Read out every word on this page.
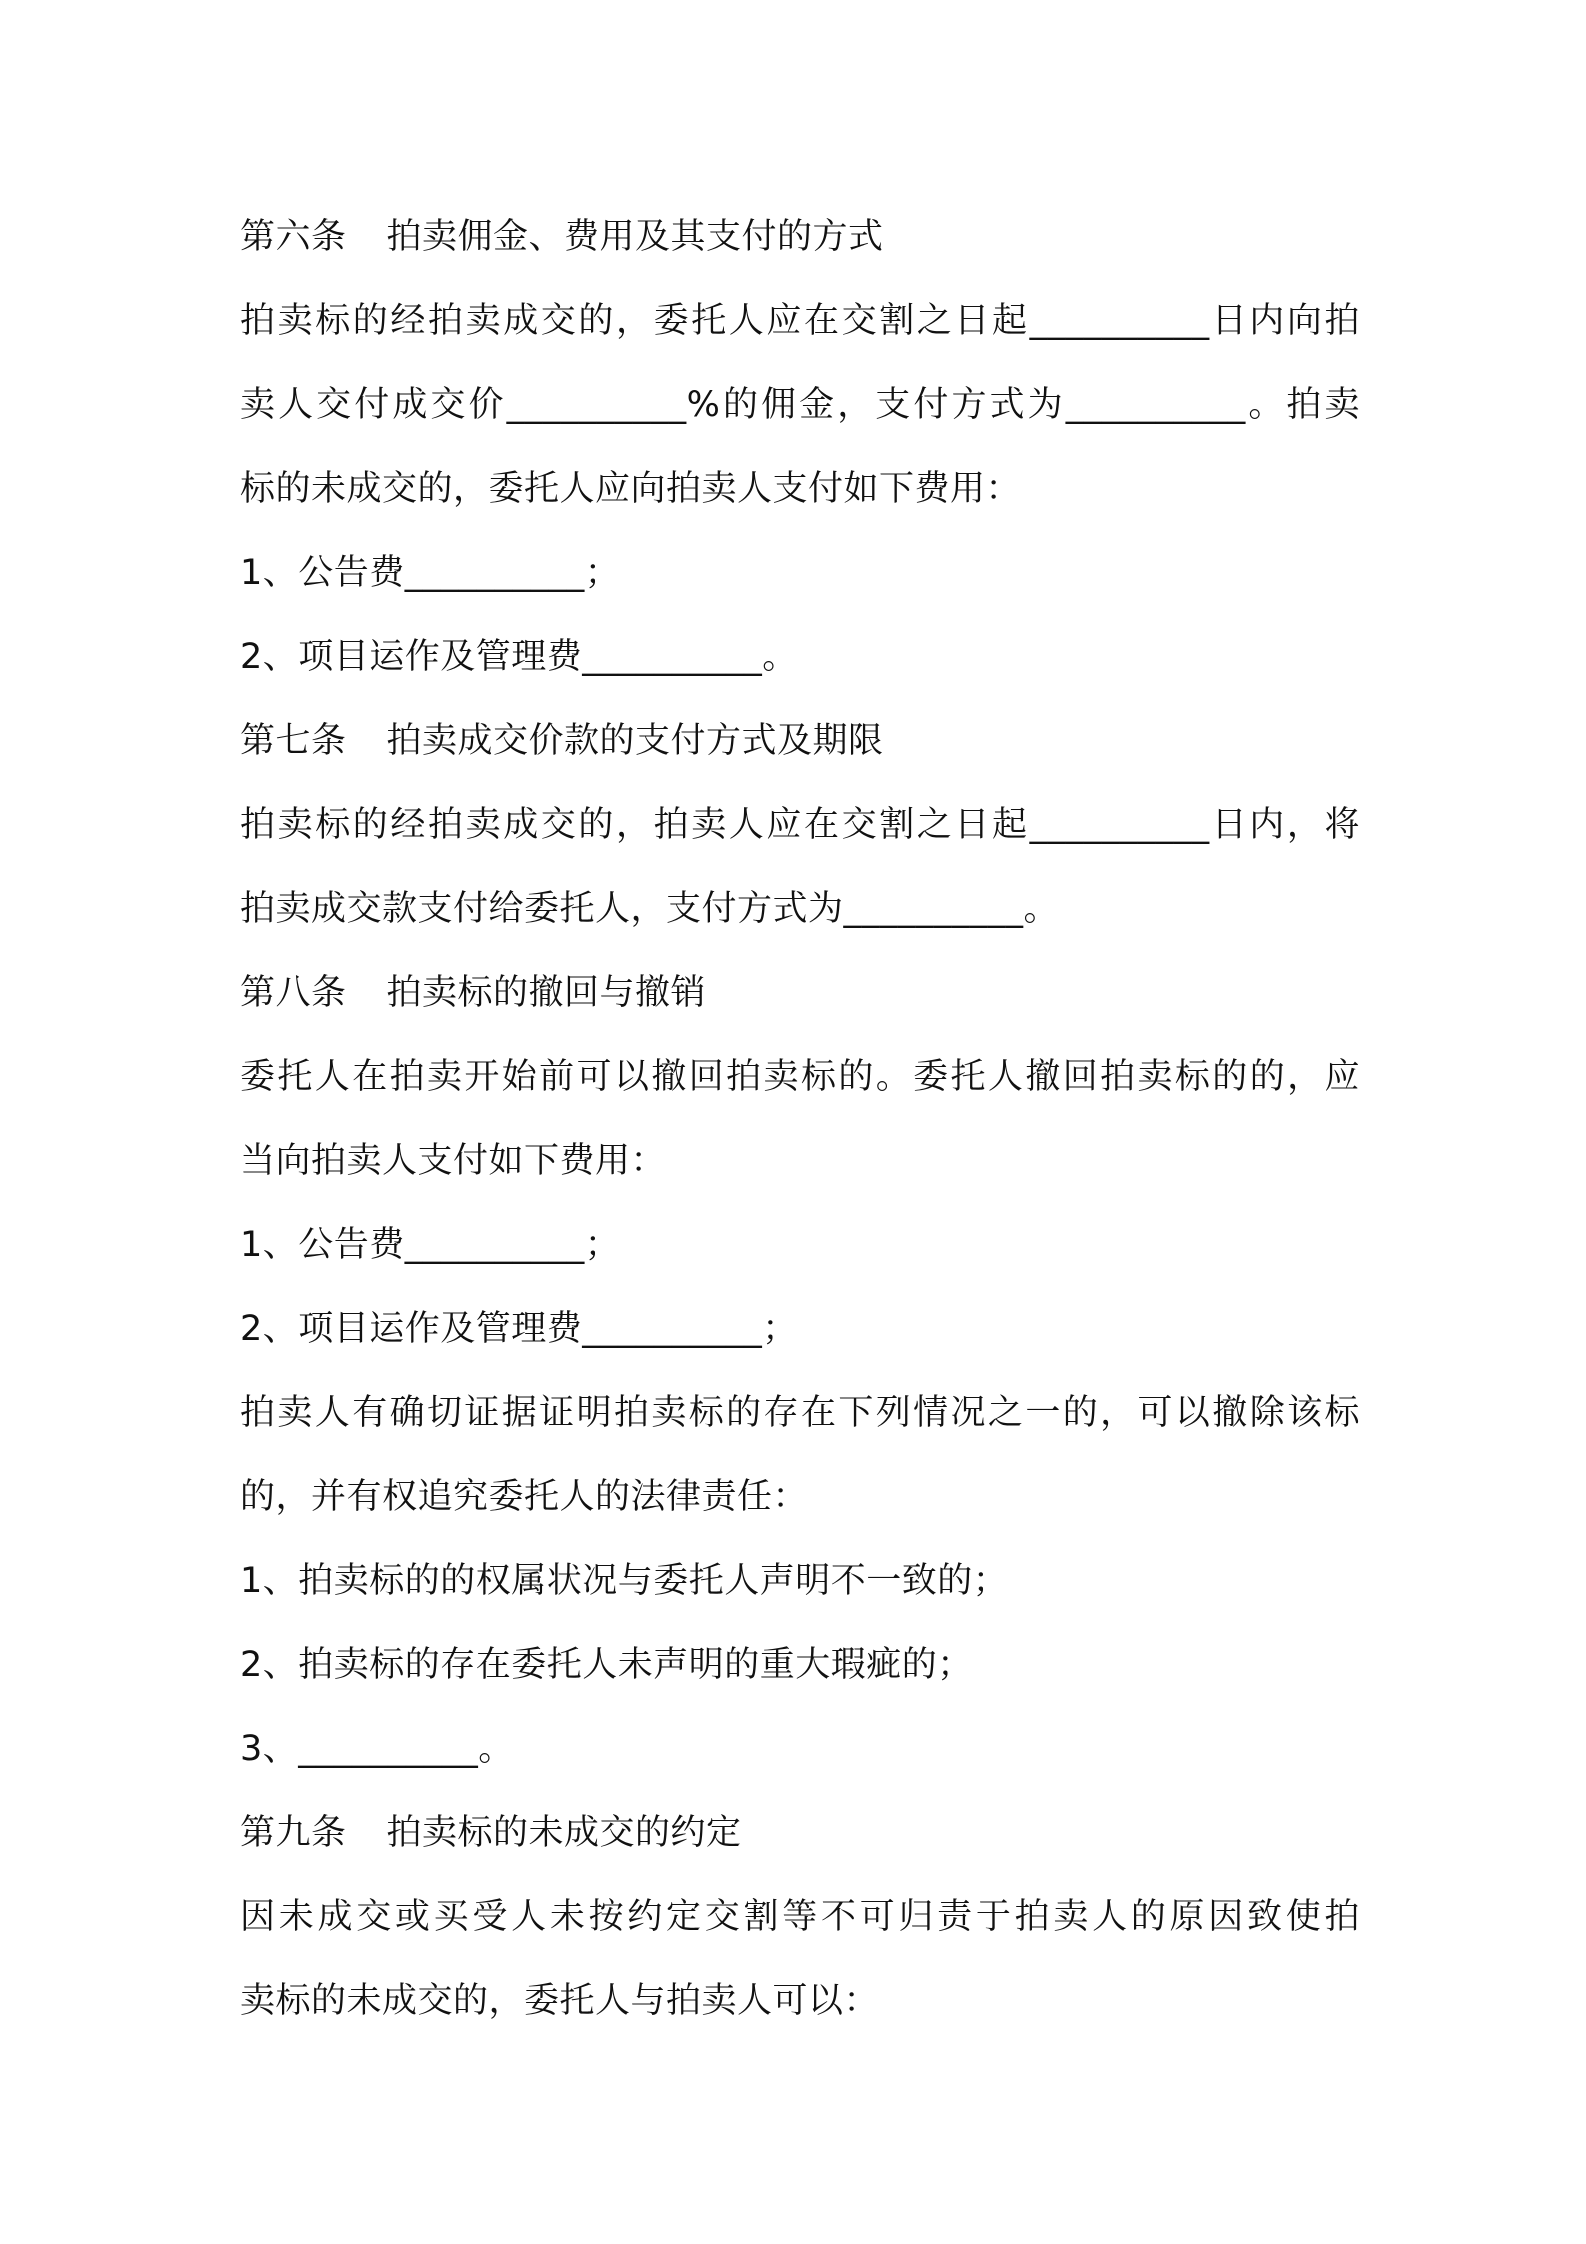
第六条 拍卖佣金、费用及其支付的方式
拍卖标的经拍卖成交的，委托人应在交割之日起__________日内向拍
卖人交付成交价__________%的佣金，支付方式为__________。拍卖
标的未成交的，委托人应向拍卖人支付如下费用：
1、公告费__________；
2、项目运作及管理费__________。
第七条 拍卖成交价款的支付方式及期限
拍卖标的经拍卖成交的，拍卖人应在交割之日起__________日内，将
拍卖成交款支付给委托人，支付方式为__________。
第八条 拍卖标的撤回与撤销
委托人在拍卖开始前可以撤回拍卖标的。委托人撤回拍卖标的的，应
当向拍卖人支付如下费用：
1、公告费__________；
2、项目运作及管理费__________；
拍卖人有确切证据证明拍卖标的存在下列情况之一的，可以撤除该标
的，并有权追究委托人的法律责任：
1、拍卖标的的权属状况与委托人声明不一致的；
2、拍卖标的存在委托人未声明的重大瑕疵的；
3、__________。
第九条 拍卖标的未成交的约定
因未成交或买受人未按约定交割等不可归责于拍卖人的原因致使拍
卖标的未成交的，委托人与拍卖人可以：
